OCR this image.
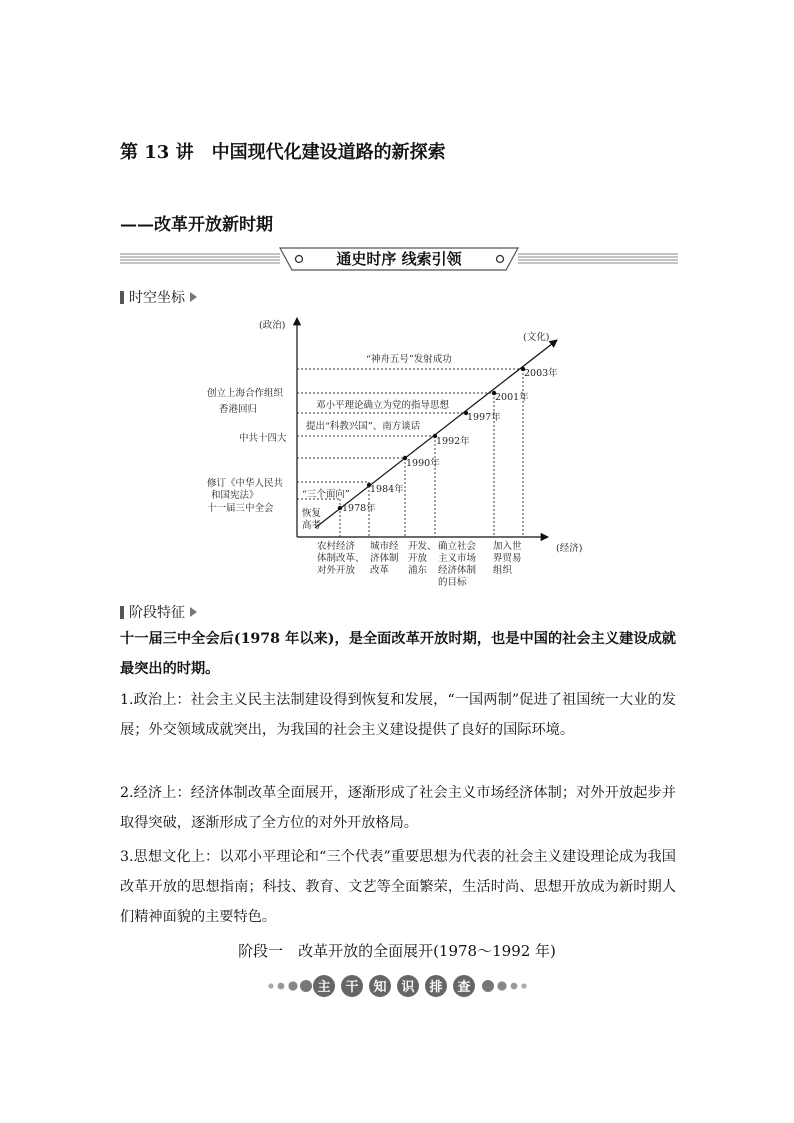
第 13 讲 中国现代化建设道路的新探索
——改革开放新时期
通史时序 线索引领
时空坐标
(政治)
(文化)
(经济)
1978年
1984年
1990年
1992年
1997年
2001年
2003年
创立上海合作组织
香港回归
中共十四大
修订《中华人民共
和国宪法》
十一届三中全会
“神舟五号”发射成功
邓小平理论确立为党的指导思想
提出“科教兴国”、南方谈话
“三个面向”
恢复
高考
农村经济
体制改革、
对外开放
城市经
济体制
改革
开发、
开放
浦东
确立社会
主义市场
经济体制
的目标
加入世
界贸易
组织
阶段特征
十一届三中全会后(1978 年以来)，是全面改革开放时期，也是中国的社会主义建设成就最突出的时期。
1.政治上：社会主义民主法制建设得到恢复和发展，“一国两制”促进了祖国统一大业的发展；外交领域成就突出，为我国的社会主义建设提供了良好的国际环境。
2.经济上：经济体制改革全面展开，逐渐形成了社会主义市场经济体制；对外开放起步并取得突破，逐渐形成了全方位的对外开放格局。
3.思想文化上：以邓小平理论和“三个代表”重要思想为代表的社会主义建设理论成为我国改革开放的思想指南；科技、教育、文艺等全面繁荣，生活时尚、思想开放成为新时期人们精神面貌的主要特色。
阶段一　改革开放的全面展开(1978～1992 年)
主 干 知 识 排 查
